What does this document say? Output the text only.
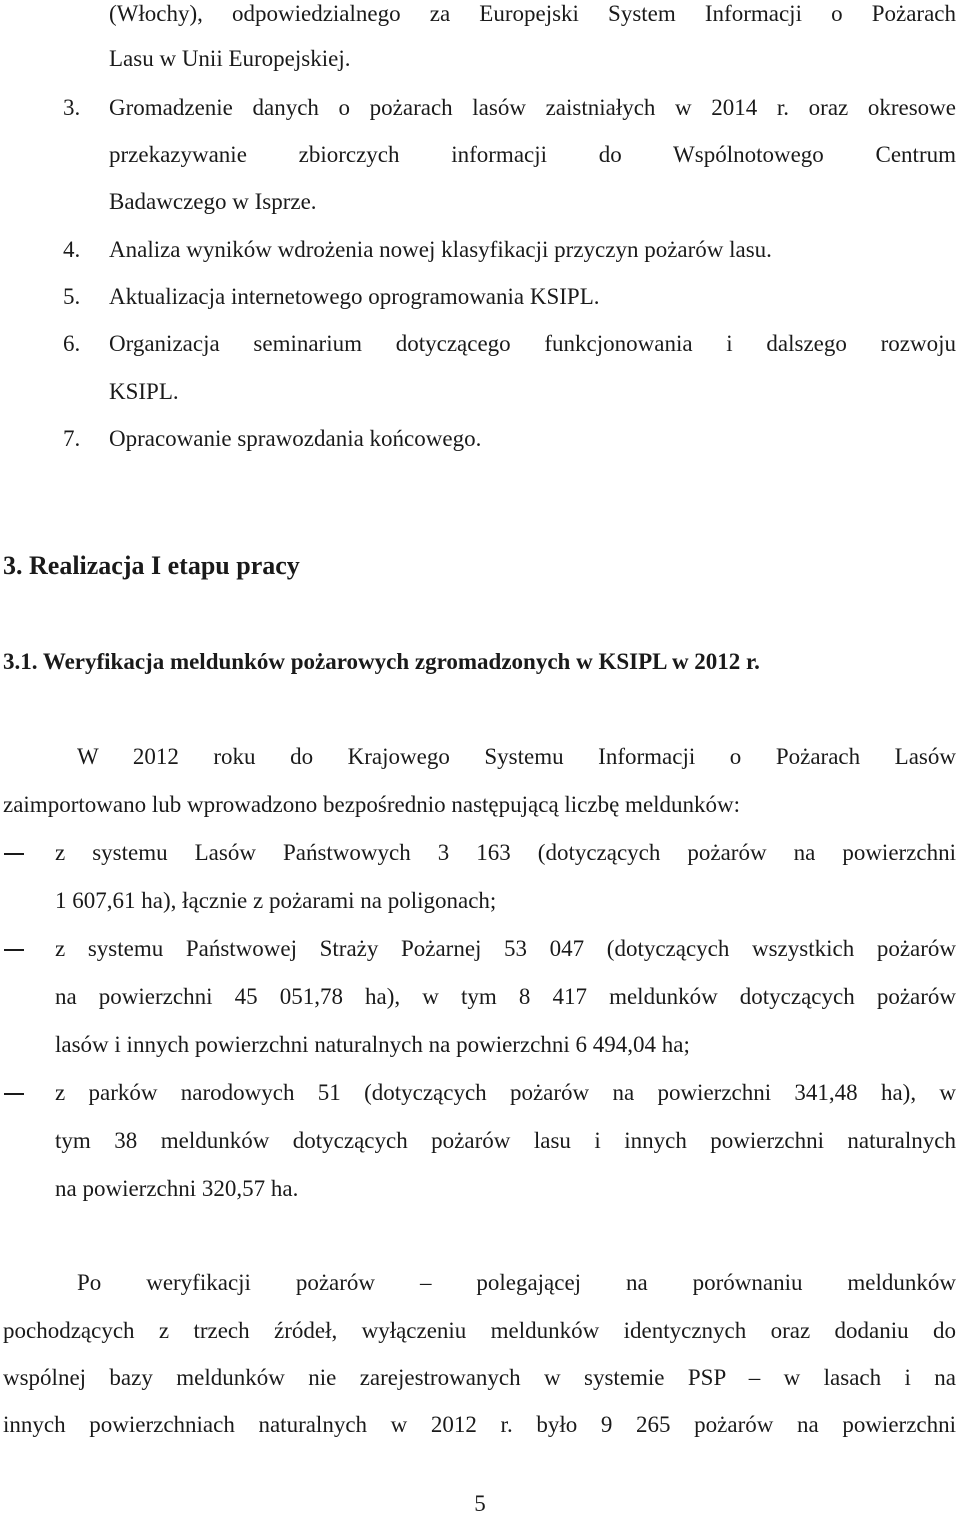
(Włochy), odpowiedzialnego za Europejski System Informacji o Pożarach
Lasu w Unii Europejskiej.
3. Gromadzenie danych o pożarach lasów zaistniałych w 2014 r. oraz okresowe
przekazywanie zbiorczych informacji do Wspólnotowego Centrum
Badawczego w Isprze.
4. Analiza wyników wdrożenia nowej klasyfikacji przyczyn pożarów lasu.
5. Aktualizacja internetowego oprogramowania KSIPL.
6. Organizacja seminarium dotyczącego funkcjonowania i dalszego rozwoju
KSIPL.
7. Opracowanie sprawozdania końcowego.
3. Realizacja I etapu pracy
3.1. Weryfikacja meldunków pożarowych zgromadzonych w KSIPL w 2012 r.
W 2012 roku do Krajowego Systemu Informacji o Pożarach Lasów
zaimportowano lub wprowadzono bezpośrednio następującą liczbę meldunków:
z systemu Lasów Państwowych 3 163 (dotyczących pożarów na powierzchni
1 607,61 ha), łącznie z pożarami na poligonach;
z systemu Państwowej Straży Pożarnej 53 047 (dotyczących wszystkich pożarów
na powierzchni 45 051,78 ha), w tym 8 417 meldunków dotyczących pożarów
lasów i innych powierzchni naturalnych na powierzchni 6 494,04 ha;
z parków narodowych 51 (dotyczących pożarów na powierzchni 341,48 ha), w
tym 38 meldunków dotyczących pożarów lasu i innych powierzchni naturalnych
na powierzchni 320,57 ha.
Po weryfikacji pożarów – polegającej na porównaniu meldunków
pochodzących z trzech źródeł, wyłączeniu meldunków identycznych oraz dodaniu do
wspólnej bazy meldunków nie zarejestrowanych w systemie PSP – w lasach i na
innych powierzchniach naturalnych w 2012 r. było 9 265 pożarów na powierzchni
5
